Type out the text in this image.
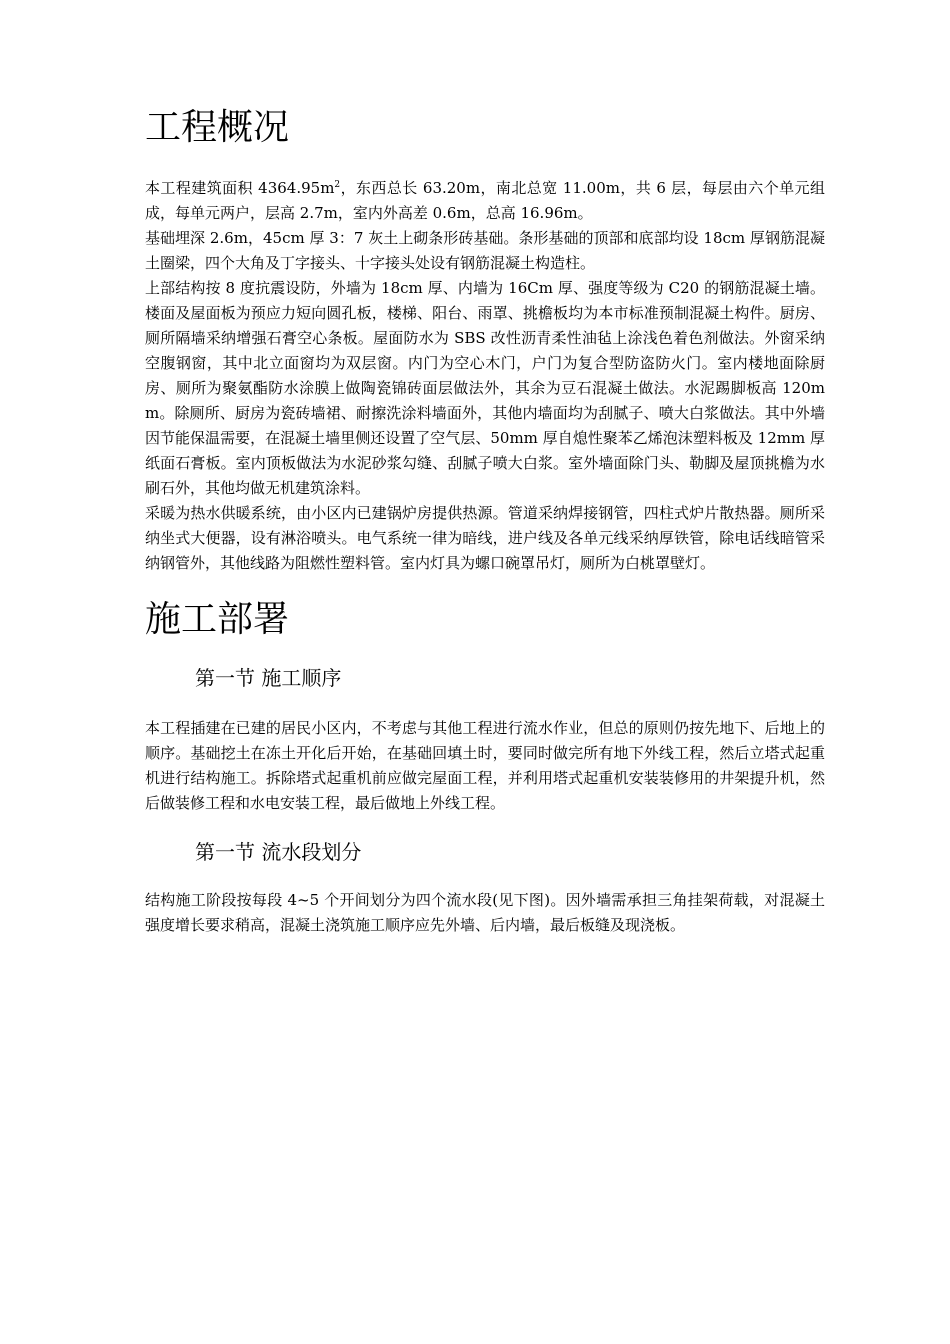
工程概况

本工程建筑面积 $4364.95m^2$，东西总长 63.20m，南北总宽 11.00m，共 6 层，每层由六个单元组成，每单元两户，层高 2.7m，室内外高差 0.6m，总高 16.96m。

基础埋深 2.6m，45cm 厚 3：7 灰土上砌条形砖基础。条形基础的顶部和底部均设 18cm 厚钢筋混凝土圈梁，四个大角及丁字接头、十字接头处设有钢筋混凝土构造柱。

上部结构按 8 度抗震设防，外墙为 18cm 厚、内墙为 16Cm 厚、强度等级为 C20 的钢筋混凝土墙。楼面及屋面板为预应力短向圆孔板，楼梯、阳台、雨罩、挑檐板均为本市标准预制混凝土构件。厨房、厕所隔墙采纳增强石膏空心条板。屋面防水为 SBS 改性沥青柔性油毡上涂浅色着色剂做法。外窗采纳空腹钢窗，其中北立面窗均为双层窗。内门为空心木门，户门为复合型防盗防火门。室内楼地面除厨房、厕所为聚氨酯防水涂膜上做陶瓷锦砖面层做法外，其余为豆石混凝土做法。水泥踢脚板高 120mm。除厕所、厨房为瓷砖墙裙、耐擦洗涂料墙面外，其他内墙面均为刮腻子、喷大白浆做法。其中外墙因节能保温需要，在混凝土墙里侧还设置了空气层、50mm 厚自熄性聚苯乙烯泡沫塑料板及 12mm 厚纸面石膏板。室内顶板做法为水泥砂浆勾缝、刮腻子喷大白浆。室外墙面除门头、勒脚及屋顶挑檐为水刷石外，其他均做无机建筑涂料。

采暖为热水供暖系统，由小区内已建锅炉房提供热源。管道采纳焊接钢管，四柱式炉片散热器。厕所采纳坐式大便器，设有淋浴喷头。电气系统一律为暗线，进户线及各单元线采纳厚铁管，除电话线暗管采纳钢管外，其他线路为阻燃性塑料管。室内灯具为螺口碗罩吊灯，厕所为白桃罩壁灯。

施工部署
第一节 施工顺序

本工程插建在已建的居民小区内，不考虑与其他工程进行流水作业，但总的原则仍按先地下、后地上的顺序。基础挖土在冻土开化后开始，在基础回填土时，要同时做完所有地下外线工程，然后立塔式起重机进行结构施工。拆除塔式起重机前应做完屋面工程，并利用塔式起重机安装装修用的井架提升机，然后做装修工程和水电安装工程，最后做地上外线工程。

第一节 流水段划分

结构施工阶段按每段 4~5 个开间划分为四个流水段(见下图)。因外墙需承担三角挂架荷载，对混凝土强度增长要求稍高，混凝土浇筑施工顺序应先外墙、后内墙，最后板缝及现浇板。
